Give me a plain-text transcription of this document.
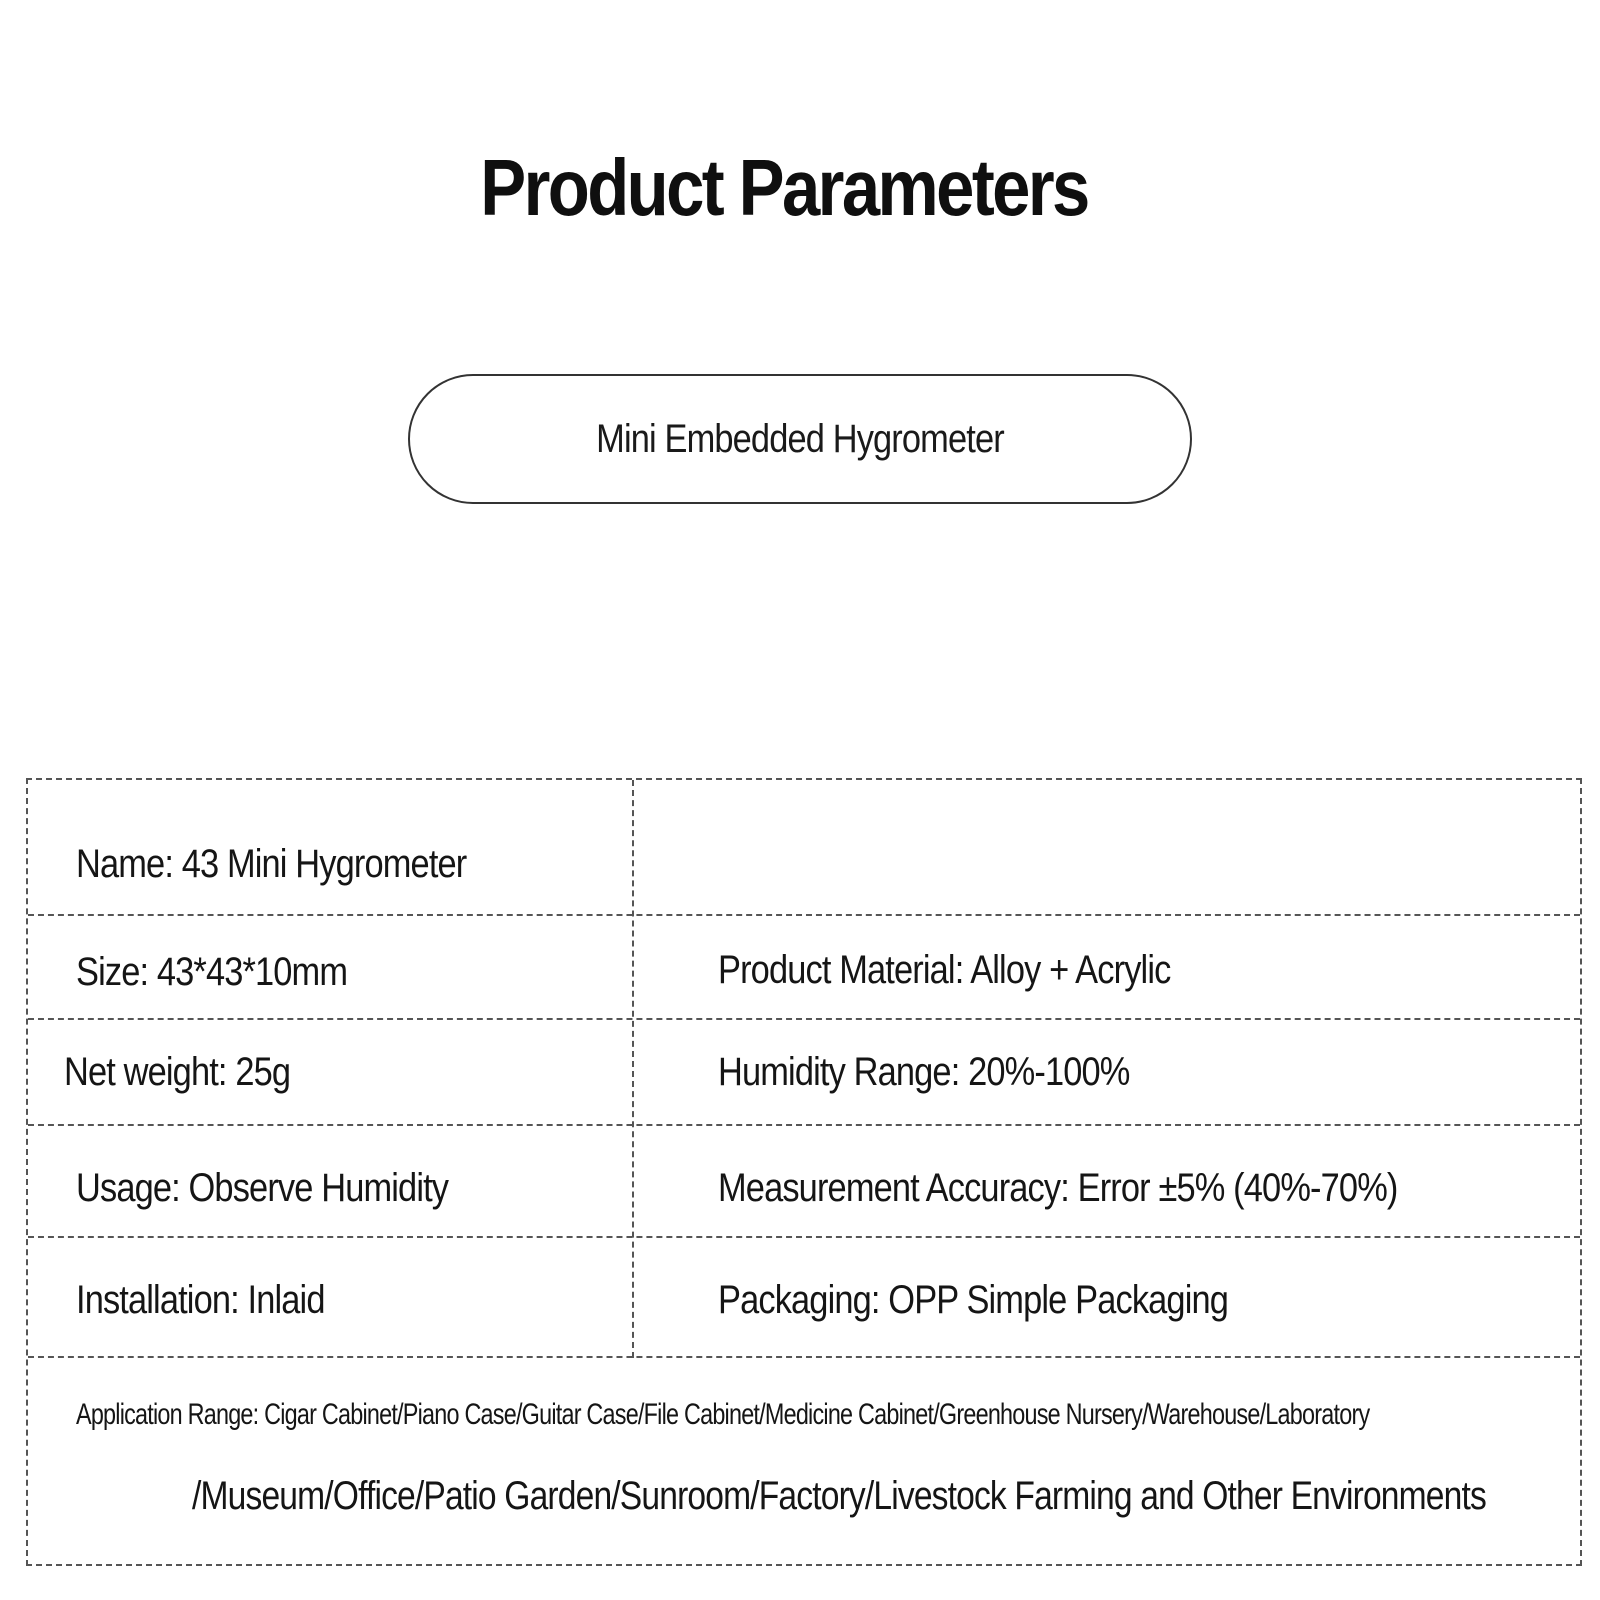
Product Parameters
Mini Embedded Hygrometer
Name: 43 Mini Hygrometer
Size: 43*43*10mm	Product Material: Alloy + Acrylic
Net weight: 25g	Humidity Range: 20%-100%
Usage: Observe Humidity	Measurement Accuracy: Error ±5% (40%-70%)
Installation: Inlaid	Packaging: OPP Simple Packaging
Application Range: Cigar Cabinet/Piano Case/Guitar Case/File Cabinet/Medicine Cabinet/Greenhouse Nursery/Warehouse/Laboratory
/Museum/Office/Patio Garden/Sunroom/Factory/Livestock Farming and Other Environments
